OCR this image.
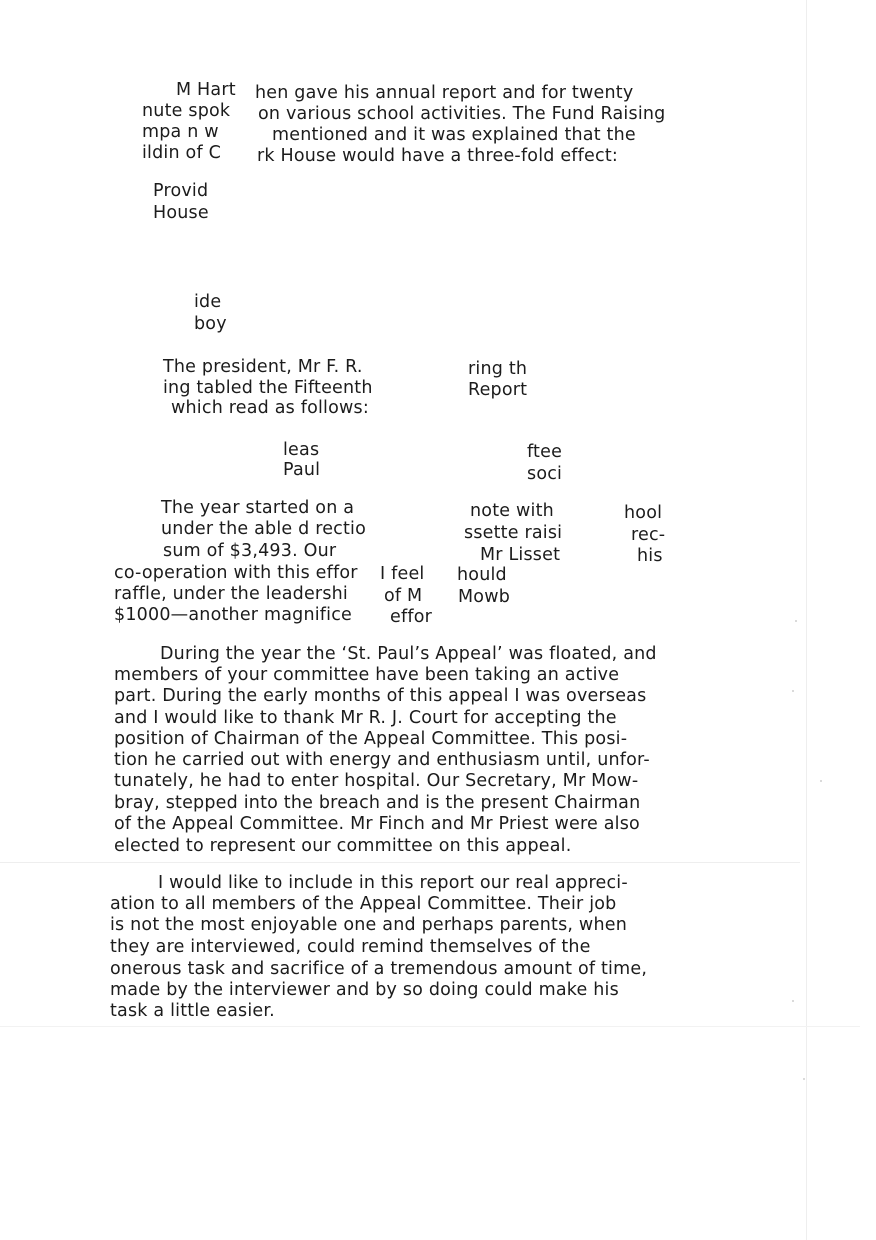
M Hart hen gave his annual report and for twenty
nute spok on various school activities. The Fund Raising
mpa n w	mentioned and it was explained that the
ildin of C rk House would have a three-fold effect:
Provid
House
ide
boy
The president, Mr F. R.
ing tabled the Fifteenth
which read as follows:
ring th
Report
leas
Paul
ftee
soci
The year started on a
under the able d rectio
sum of $3,493. Our
co-operation with this effor
raffle, under the leadershi
$1000—another magnifice
I feel
of M
effor
note with
ssette raisi
Mr Lisset
hould
Mowb
hool
rec-
his
During the year the ‘St. Paul’s Appeal’ was floated, and
members of your committee have been taking an active
part. During the early months of this appeal I was overseas
and I would like to thank Mr R. J. Court for accepting the
position of Chairman of the Appeal Committee. This posi-
tion he carried out with energy and enthusiasm until, unfor-
tunately, he had to enter hospital. Our Secretary, Mr Mow-
bray, stepped into the breach and is the present Chairman
of the Appeal Committee. Mr Finch and Mr Priest were also
elected to represent our committee on this appeal.
I would like to include in this report our real appreci-
ation to all members of the Appeal Committee. Their job
is not the most enjoyable one and perhaps parents, when
they are interviewed, could remind themselves of the
onerous task and sacrifice of a tremendous amount of time,
made by the interviewer and by so doing could make his
task a little easier.
